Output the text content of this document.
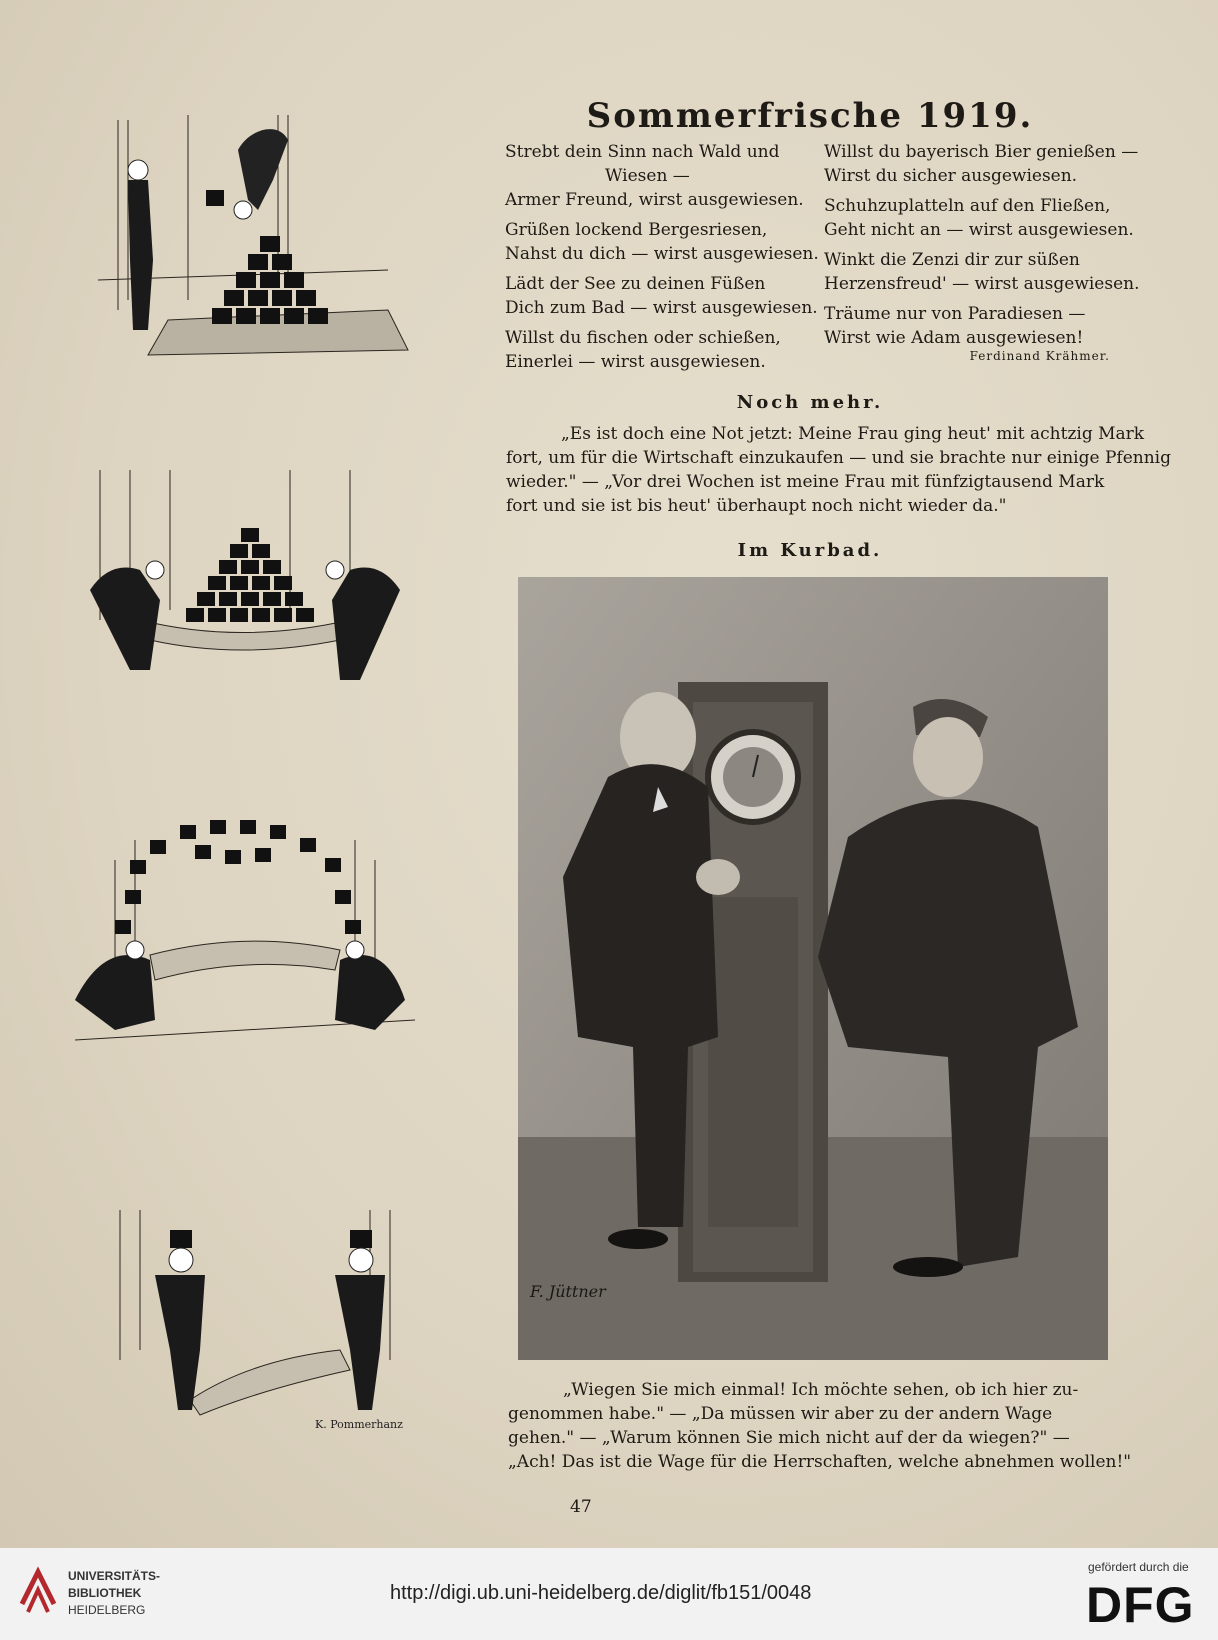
K. Pommerhanz
Sommerfrische 1919.
Strebt dein Sinn nach Wald und
Wiesen —
Armer Freund, wirst ausgewiesen.
Grüßen lockend Bergesriesen,
Nahst du dich — wirst ausgewiesen.
Lädt der See zu deinen Füßen
Dich zum Bad — wirst ausgewiesen.
Willst du fischen oder schießen,
Einerlei — wirst ausgewiesen.
Willst du bayerisch Bier genießen —
Wirst du sicher ausgewiesen.
Schuhzuplatteln auf den Fließen,
Geht nicht an — wirst ausgewiesen.
Winkt die Zenzi dir zur süßen
Herzensfreud' — wirst ausgewiesen.
Träume nur von Paradiesen —
Wirst wie Adam ausgewiesen!
Ferdinand Krähmer.
Noch mehr.
„Es ist doch eine Not jetzt: Meine Frau ging heut' mit achtzig Mark
fort, um für die Wirtschaft einzukaufen — und sie brachte nur einige Pfennig
wieder." — „Vor drei Wochen ist meine Frau mit fünfzigtausend Mark
fort und sie ist bis heut' überhaupt noch nicht wieder da."
Im Kurbad.
F. Jüttner
„Wiegen Sie mich einmal! Ich möchte sehen, ob ich hier zu-
genommen habe." — „Da müssen wir aber zu der andern Wage
gehen." — „Warum können Sie mich nicht auf der da wiegen?" —
„Ach! Das ist die Wage für die Herrschaften, welche abnehmen wollen!"
47
UNIVERSITÄTS-
BIBLIOTHEK
HEIDELBERG
http://digi.ub.uni-heidelberg.de/diglit/fb151/0048
gefördert durch die
DFG
